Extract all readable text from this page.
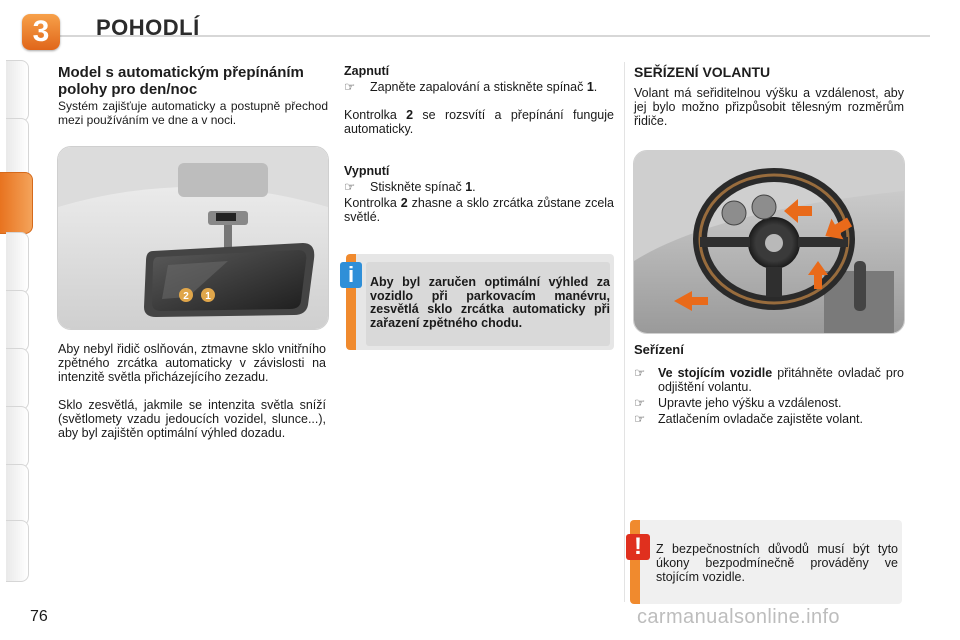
3	POHODLÍ
Model s automatickým přepínáním polohy pro den/noc
Systém zajišťuje automaticky a postupně přechod mezi používáním ve dne a v noci.
2 1
Aby nebyl řidič oslňován, ztmavne sklo vnitřního zpětného zrcátka automaticky v závislosti na intenzitě světla přicházejícího zezadu.
Sklo zesvětlá, jakmile se intenzita světla sníží (světlomety vzadu jedoucích vozidel, slunce...), aby byl zajištěn optimální výhled dozadu.
Zapnutí
☞ Zapněte zapalování a stiskněte spínač 1.
Kontrolka 2 se rozsvítí a přepínání funguje automaticky.
Vypnutí
☞ Stiskněte spínač 1.
Kontrolka 2 zhasne a sklo zrcátka zůstane zcela světlé.
i	Aby byl zaručen optimální výhled za vozidlo při parkovacím manévru, zesvětlá sklo zrcátka automaticky při zařazení zpětného chodu.
SEŘÍZENÍ VOLANTU
Volant má seřiditelnou výšku a vzdálenost, aby jej bylo možno přizpůsobit tělesným rozměrům řidiče.
Seřízení
☞ Ve stojícím vozidle přitáhněte ovladač pro odjištění volantu.
☞ Upravte jeho výšku a vzdálenost.
☞ Zatlačením ovladače zajistěte volant.
!	Z bezpečnostních důvodů musí být tyto úkony bezpodmínečně prováděny ve stojícím vozidle.
76	carmanualsonline.info
